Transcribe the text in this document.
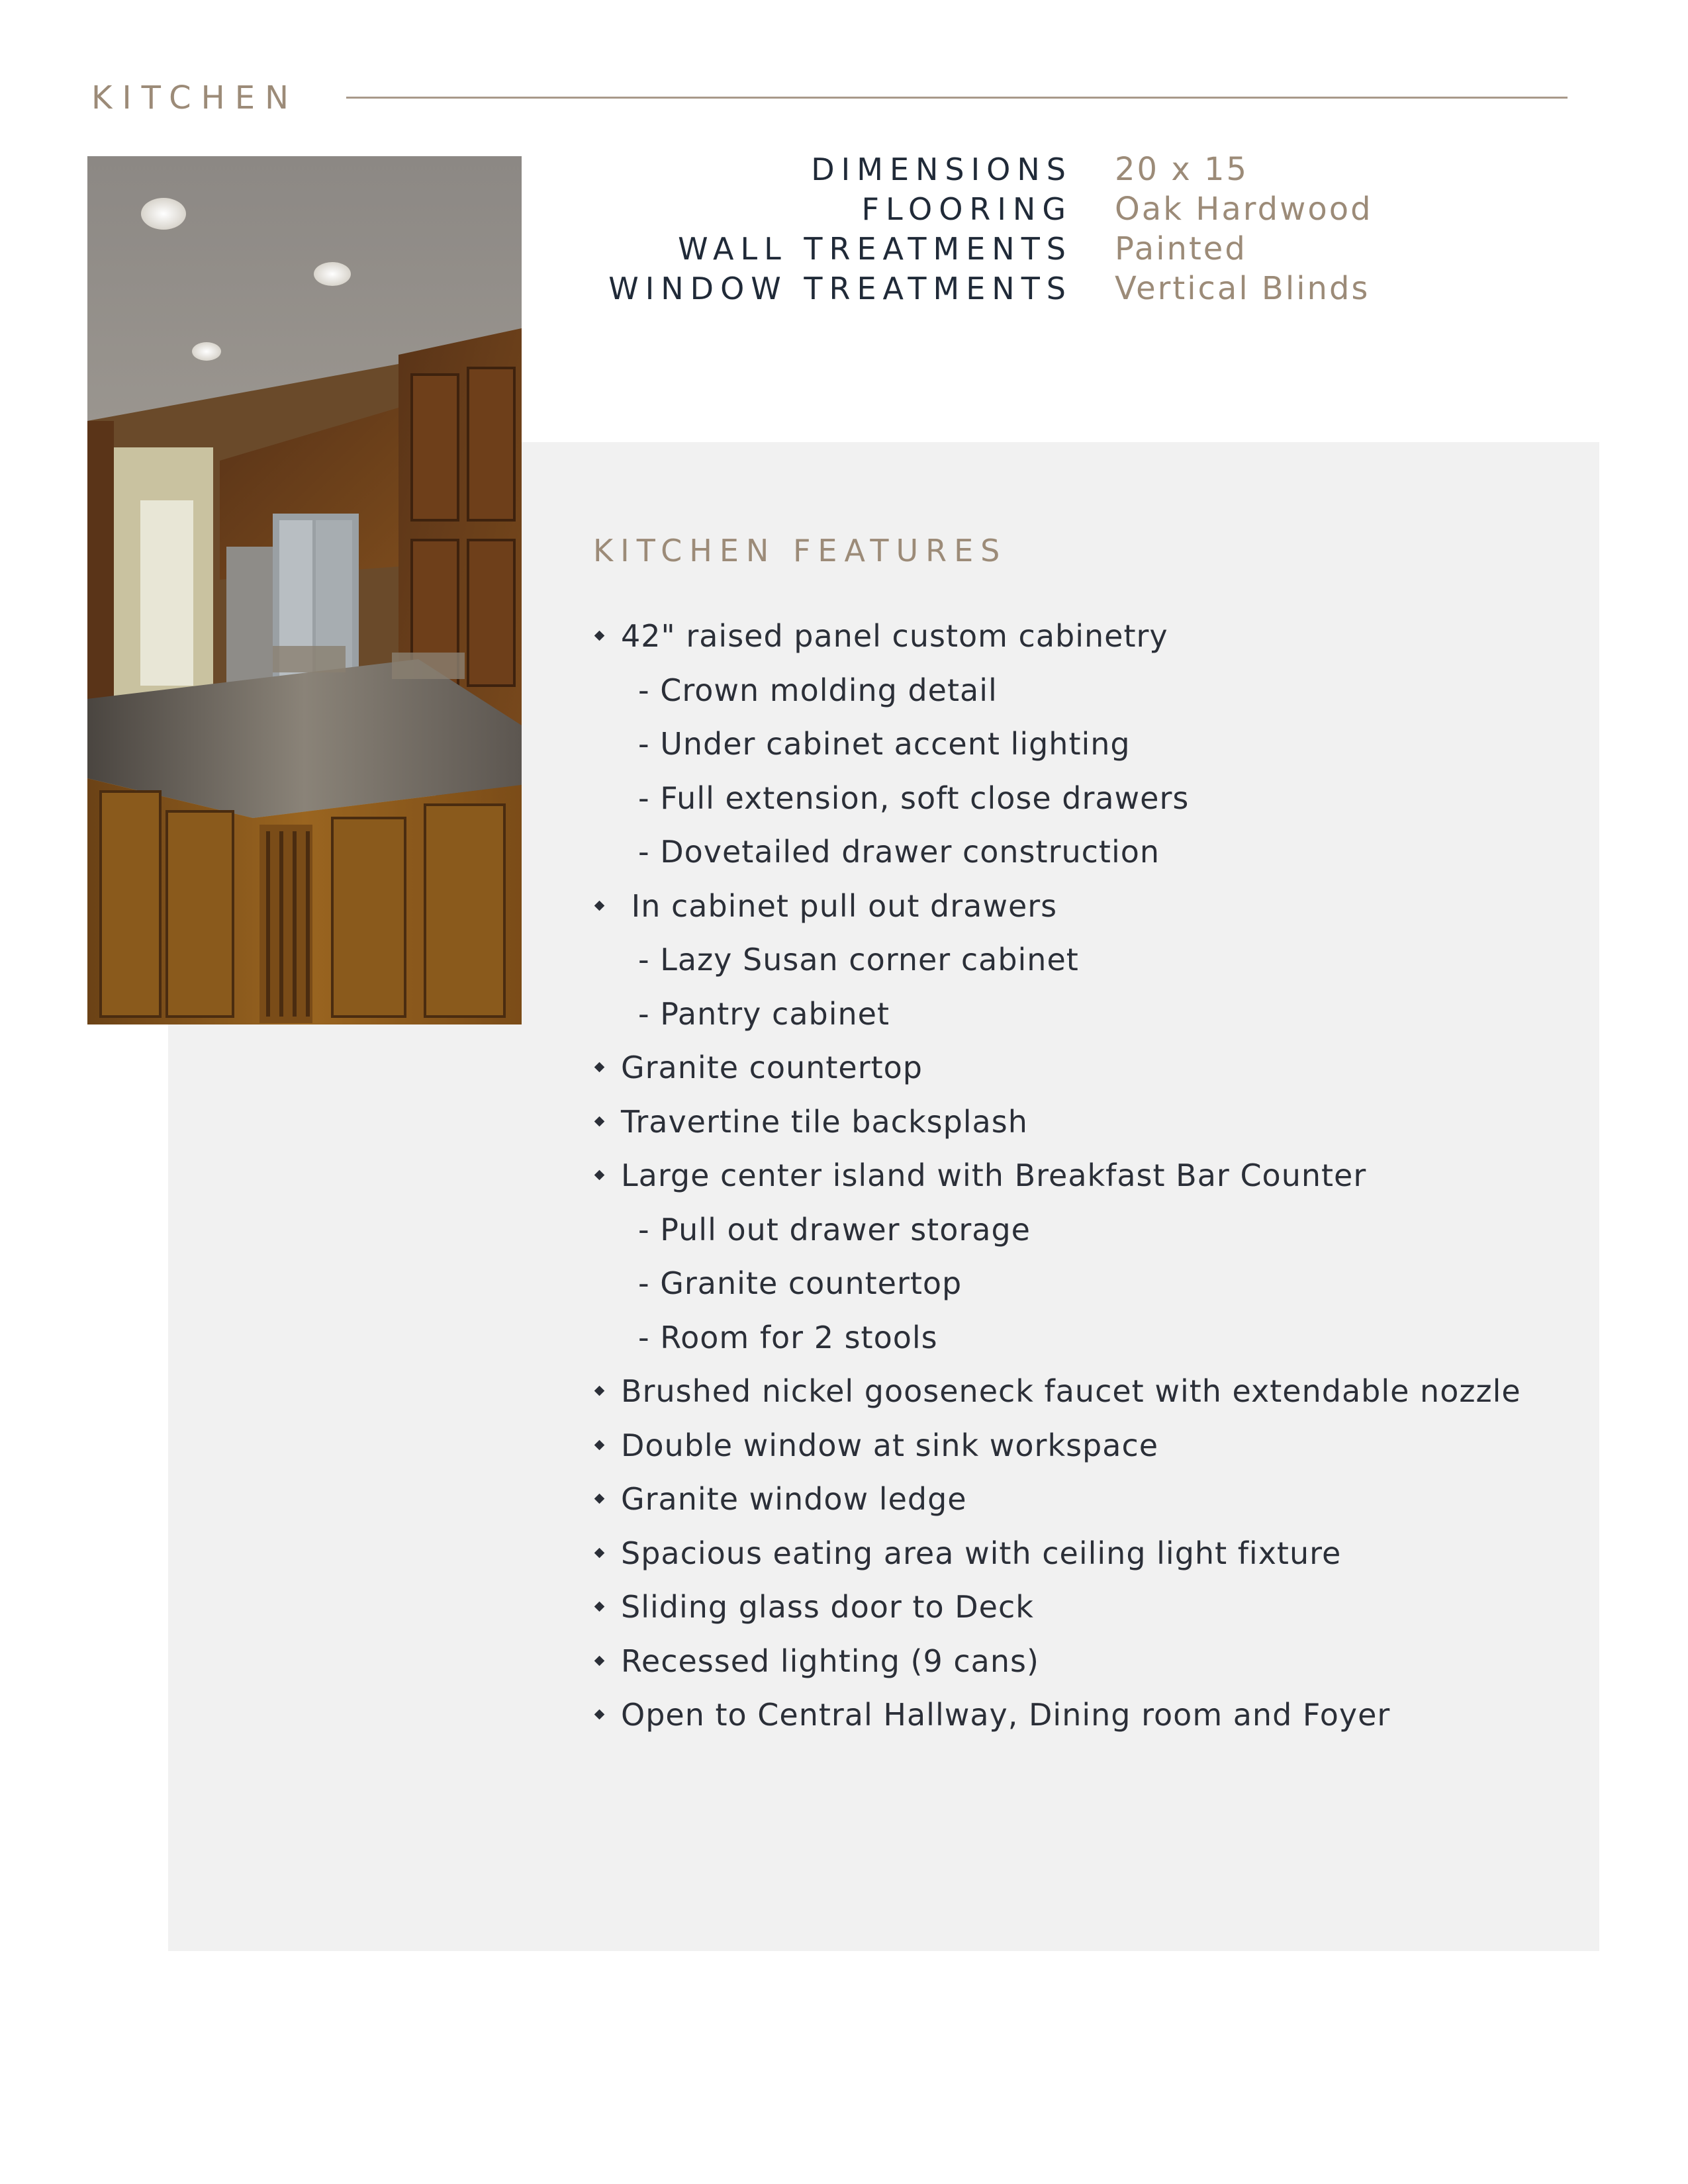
KITCHEN
DIMENSIONS
FLOORING
WALL TREATMENTS
WINDOW TREATMENTS
20 x 15
Oak Hardwood
Painted
Vertical Blinds
KITCHEN FEATURES
42" raised panel custom cabinetry
- Crown molding detail
- Under cabinet accent lighting
- Full extension, soft close drawers
- Dovetailed drawer construction
In cabinet pull out drawers
- Lazy Susan corner cabinet
- Pantry cabinet
Granite countertop
Travertine tile backsplash
Large center island with Breakfast Bar Counter
- Pull out drawer storage
- Granite countertop
- Room for 2 stools
Brushed nickel gooseneck faucet with extendable nozzle
Double window at sink workspace
Granite window ledge
Spacious eating area with ceiling light fixture
Sliding glass door to Deck
Recessed lighting (9 cans)
Open to Central Hallway, Dining room and Foyer
